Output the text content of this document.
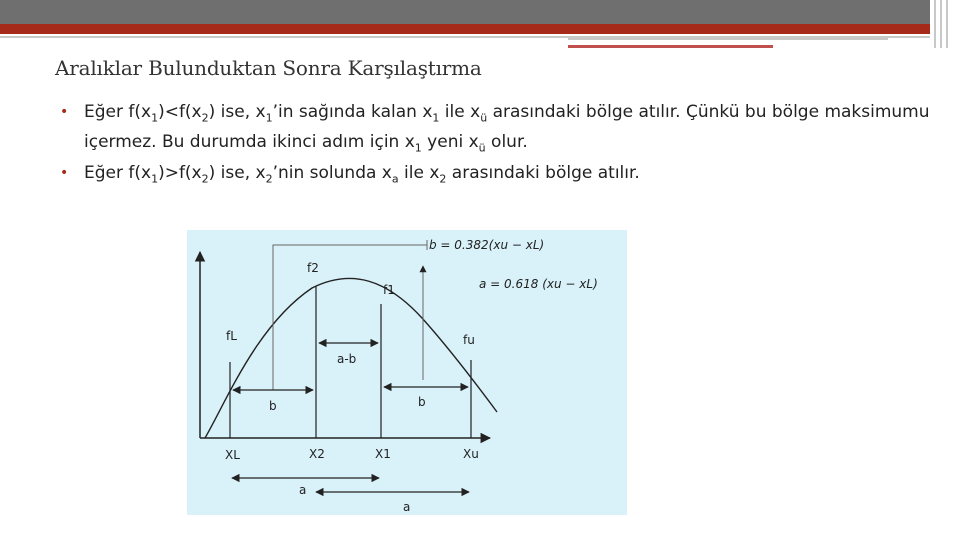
Aralıklar Bulunduktan Sonra Karşılaştırma
• Eğer $f(x_1)<f(x_2)$ ise, $x_1’in$ sağında kalan $x_1$ ile $x_ü$ arasındaki bölge atılır. Çünkü bu bölge maksimumu içermez. Bu durumda ikinci adım için $x_1$ yeni $x_ü$ olur.
• Eğer $f(x_1)>f(x_2)$ ise, $x_2’nin$ solunda $x_a$ ile $x_2$ arasındaki bölge atılır.
b = 0.382(xu − xL)
a = 0.618 (xu − xL)
f2
f1
fL	fu
a-b
b	b
XL	X2	X1	Xu
a
a
